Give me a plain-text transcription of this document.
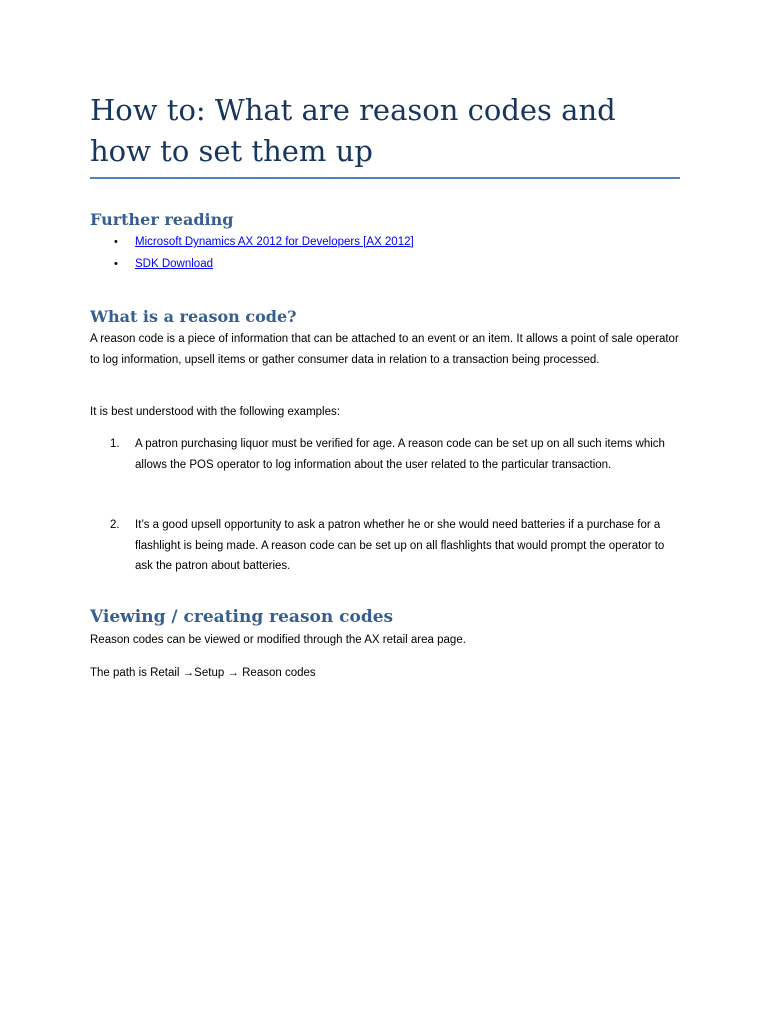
How to: What are reason codes and how to set them up
Further reading
• Microsoft Dynamics AX 2012 for Developers [AX 2012]
• SDK Download
What is a reason code?

A reason code is a piece of information that can be attached to an event or an item. It allows a point of sale operator to log information, upsell items or gather consumer data in relation to a transaction being processed.

It is best understood with the following examples:

1. A patron purchasing liquor must be verified for age. A reason code can be set up on all such items which allows the POS operator to log information about the user related to the particular transaction.

2. It’s a good upsell opportunity to ask a patron whether he or she would need batteries if a purchase for a flashlight is being made. A reason code can be set up on all flashlights that would prompt the operator to ask the patron about batteries.

Viewing / creating reason codes

Reason codes can be viewed or modified through the AX retail area page.

The path is Retail →Setup → Reason codes
